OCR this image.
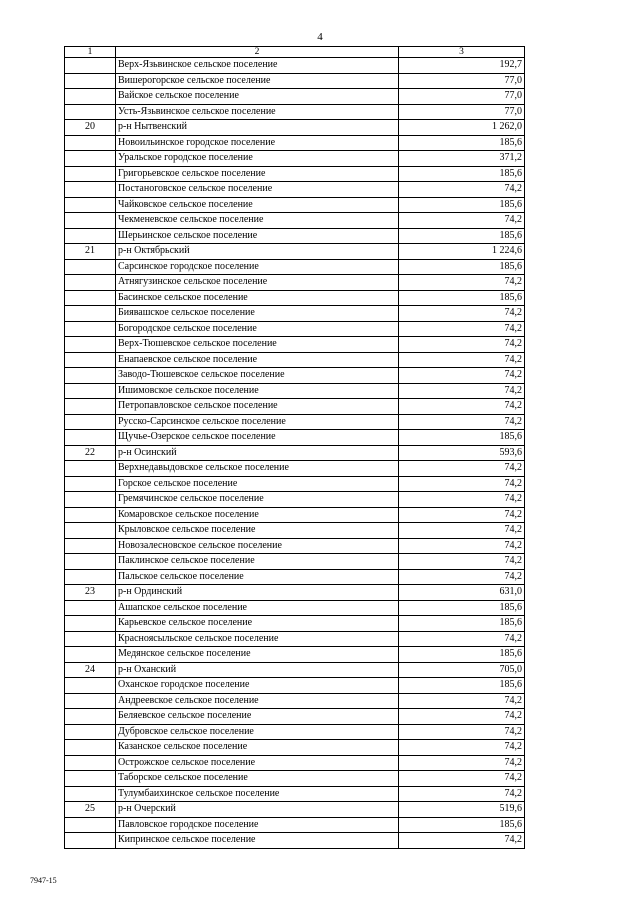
4
1	2	3
	Верх-Язьвинское сельское поселение	192,7
	Вишерогорское сельское поселение	77,0
	Вайское сельское поселение	77,0
	Усть-Язьвинское сельское поселение	77,0
20	р-н Нытвенский	1 262,0
	Новоильинское городское поселение	185,6
	Уральское городское поселение	371,2
	Григорьевское сельское поселение	185,6
	Постаноговское сельское поселение	74,2
	Чайковское сельское поселение	185,6
	Чекменевское сельское поселение	74,2
	Шерьинское сельское поселение	185,6
21	р-н Октябрьский	1 224,6
	Сарсинское городское поселение	185,6
	Атнягузинское сельское поселение	74,2
	Басинское сельское поселение	185,6
	Биявашское сельское поселение	74,2
	Богородское сельское поселение	74,2
	Верх-Тюшевское сельское поселение	74,2
	Енапаевское сельское поселение	74,2
	Заводо-Тюшевское сельское поселение	74,2
	Ишимовское сельское поселение	74,2
	Петропавловское сельское поселение	74,2
	Русско-Сарсинское сельское поселение	74,2
	Щучье-Озерское сельское поселение	185,6
22	р-н Осинский	593,6
	Верхнедавыдовское сельское поселение	74,2
	Горское сельское поселение	74,2
	Гремячинское сельское поселение	74,2
	Комаровское сельское поселение	74,2
	Крыловское сельское поселение	74,2
	Новозалесновское сельское поселение	74,2
	Паклинское сельское поселение	74,2
	Пальское сельское поселение	74,2
23	р-н Ординский	631,0
	Ашапское сельское поселение	185,6
	Карьевское сельское поселение	185,6
	Красноясыльское сельское поселение	74,2
	Медянское сельское поселение	185,6
24	р-н Оханский	705,0
	Оханское городское поселение	185,6
	Андреевское сельское поселение	74,2
	Беляевское сельское поселение	74,2
	Дубровское сельское поселение	74,2
	Казанское сельское поселение	74,2
	Острожское сельское поселение	74,2
	Таборское сельское поселение	74,2
	Тулумбаихинское сельское поселение	74,2
25	р-н Очерский	519,6
	Павловское городское поселение	185,6
	Кипринское сельское поселение	74,2
7947-15
